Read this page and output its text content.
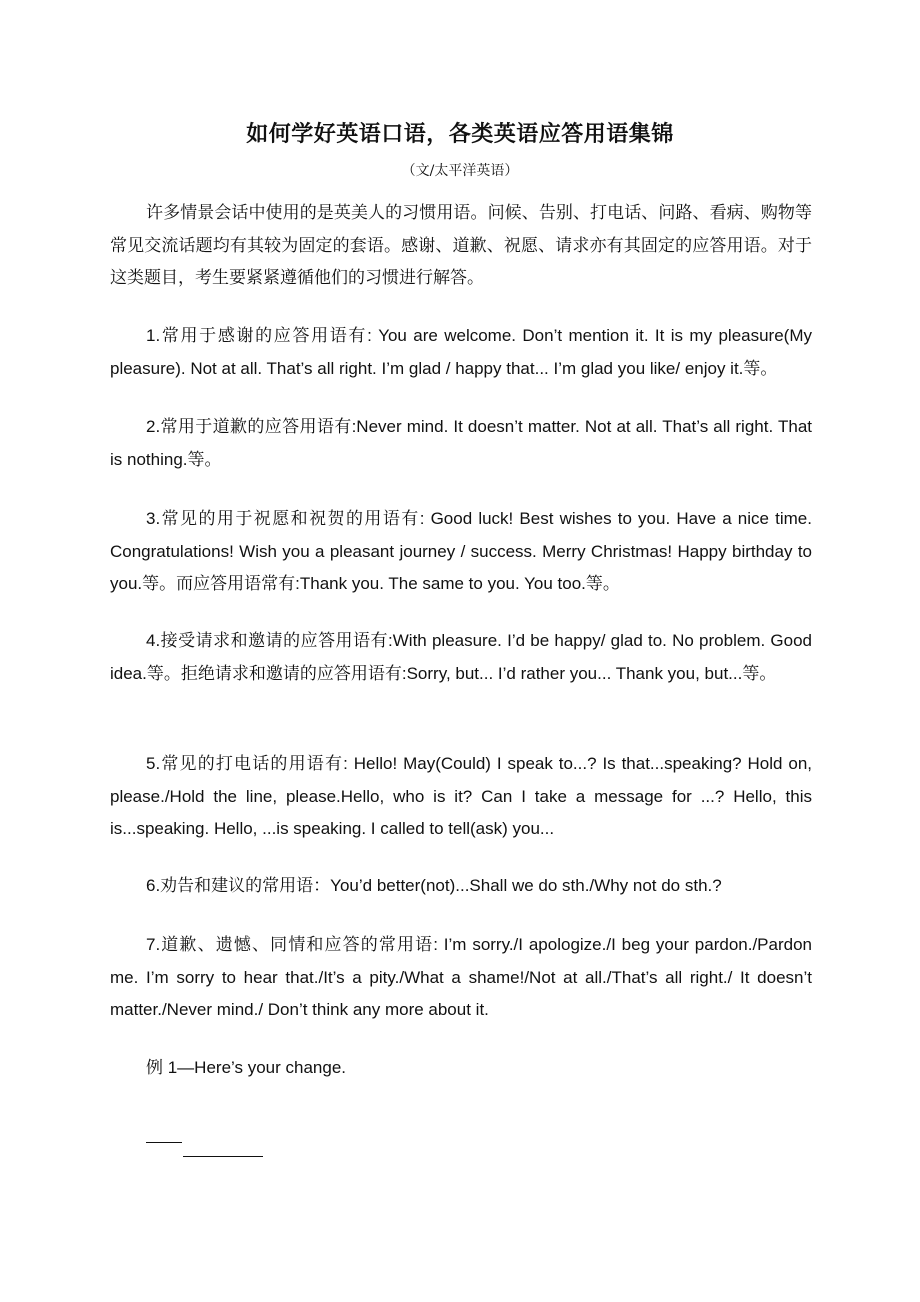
如何学好英语口语，各类英语应答用语集锦
（文/太平洋英语）

许多情景会话中使用的是英美人的习惯用语。问候、告别、打电话、问路、看病、购物等常见交流话题均有其较为固定的套语。感谢、道歉、祝愿、请求亦有其固定的应答用语。对于这类题目，考生要紧紧遵循他们的习惯进行解答。

1.常用于感谢的应答用语有: You are welcome. Don’t mention it. It is my pleasure(My pleasure). Not at all. That’s all right. I’m glad / happy that... I’m glad you like/ enjoy it.等。

2.常用于道歉的应答用语有:Never mind. It doesn’t matter. Not at all. That’s all right. That is nothing.等。

3.常见的用于祝愿和祝贺的用语有: Good luck! Best wishes to you. Have a nice time. Congratulations! Wish you a pleasant journey / success. Merry Christmas! Happy birthday to you.等。而应答用语常有:Thank you. The same to you. You too.等。

4.接受请求和邀请的应答用语有:With pleasure. I’d be happy/ glad to. No problem. Good idea.等。拒绝请求和邀请的应答用语有:Sorry, but... I’d rather you... Thank you, but...等。

5.常见的打电话的用语有: Hello! May(Could) I speak to...? Is that...speaking? Hold on, please./Hold the line, please.Hello, who is it? Can I take a message for ...? Hello, this is...speaking. Hello, ...is speaking. I called to tell(ask) you...

6.劝告和建议的常用语：You’d better(not)...Shall we do sth./Why not do sth.?

7.道歉、遗憾、同情和应答的常用语: I’m sorry./I apologize./I beg your pardon./Pardon me. I’m sorry to hear that./It’s a pity./What a shame!/Not at all./That’s all right./ It doesn’t matter./Never mind./ Don’t think any more about it.

例 1—Here’s your change.
